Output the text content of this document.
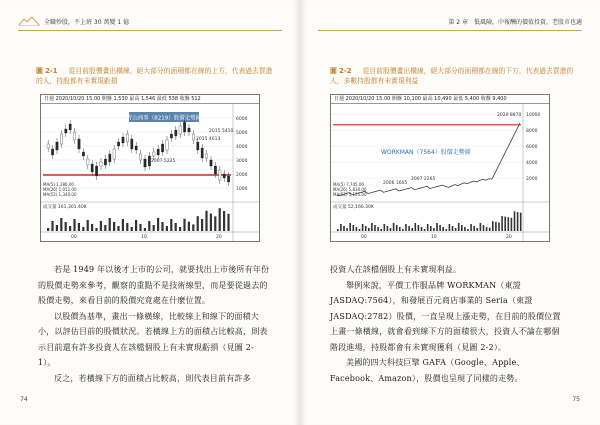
全職炒股，不上班 30 萬變 1 億
圖 2-1 　 從目前股價畫出橫線，絕大部分的面積都在線的上方，代表過去買進的人，持股都有未實現虧損
日週 2020/10/20 15.00 開盤 1,530 最高 1,546 最低 538 收盤 512
青山商事（8219）股價走勢圖
2015 4613
2015 5410
2007 5225
6000
5000
4000
3000
2000
1000
MA(5) 1,286.00
MA(26) 1,011.00
MA(52) 1,340.00
成交量 161,301.40K
00	10	20

若是 1949 年以後才上市的公司，就要找出上市後所有年份的股價走勢來參考，觀察的重點不是技術線型，而是要從過去的股價走勢，來看目前的股價究竟處在什麼位置。

以股價為基準，畫出一條橫線，比較線上和線下的面積大小，以評估目前的股價狀況。若橫線上方的面積占比較高，則表示目前還有許多投資人在該檔個股上有未實現虧損（見圖 2-1）。

反之，若橫線下方的面積占比較高，則代表目前有許多

74
第 2 章　低風險，中報酬的價值投資，老股市也適
圖 2-2 　 從目前股價畫出橫線，絕大部分的面積都在線的下方，代表過去買進的人，多數持股都有未實現利益
日週 2020/10/20 15.00 開盤 10,100 最高 10,490 最低 5,400 收盤 9,400
WORKMAN（7564）股價走勢圖
2020 8870
2007 2265
2006 1605
10000
8000
6000
4000
2000
MA(5) 7,745.00
MA(26) 5,830.00
MA(52) 5,155.00
成交量 52,166.30K
00	10	20

投資人在該檔個股上有未實現利益。

舉例來說，平價工作服品牌 WORKMAN（東證 JASDAQ:7564），和發展百元商店事業的 Seria（東證 JASDAQ:2782）股價，一直呈現上漲走勢，在目前的股價位置上畫一條橫線，就會看到線下方的面積很大，投資人不論在哪個階段進場，持股都會有未實現獲利（見圖 2-2）。

美國的四大科技巨擘 GAFA（Google、Apple、Facebook、Amazon），股價也呈現了同樣的走勢。

75
